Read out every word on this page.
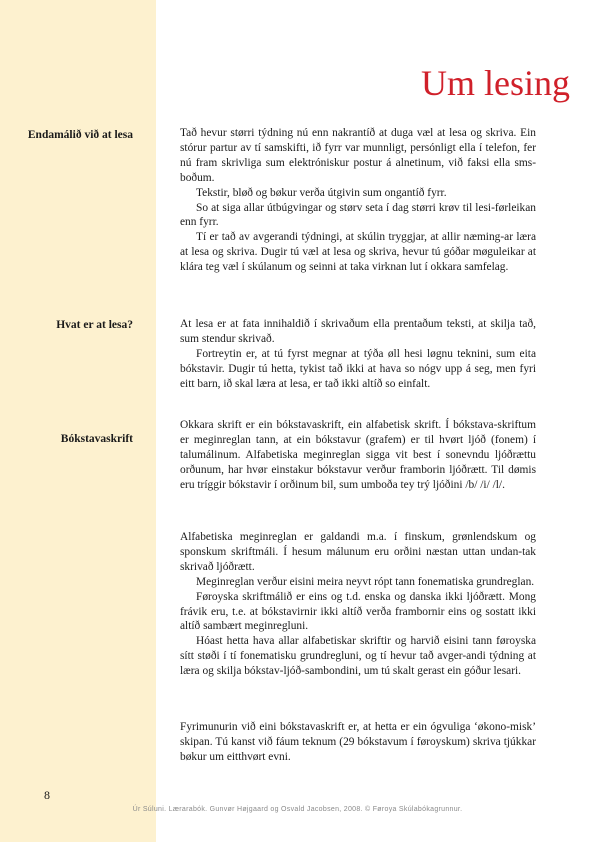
Um lesing
Endamálið við at lesa	Tað hevur størri týdning nú enn nakrantíð at duga væl at lesa og skriva. Ein stórur partur av tí samskifti, ið fyrr var munnligt, persónligt ella í telefon, fer nú fram skrivliga sum elektróniskur postur á alnetinum, við faksi ella sms-boðum.

Tekstir, bløð og bøkur verða útgivin sum ongantíð fyrr.

So at siga allar útbúgvingar og størv seta í dag størri krøv til lesi-førleikan enn fyrr.

Tí er tað av avgerandi týdningi, at skúlin tryggjar, at allir næming-ar læra at lesa og skriva. Dugir tú væl at lesa og skriva, hevur tú góðar møguleikar at klára teg væl í skúlanum og seinni at taka virknan lut í okkara samfelag.

Hvat er at lesa?	At lesa er at fata innihaldið í skrivaðum ella prentaðum teksti, at skilja tað, sum stendur skrivað.

Fortreytin er, at tú fyrst megnar at týða øll hesi løgnu teknini, sum eita bókstavir. Dugir tú hetta, tykist tað ikki at hava so nógv upp á seg, men fyri eitt barn, ið skal læra at lesa, er tað ikki altíð so einfalt.

Bókstavaskrift

Okkara skrift er ein bókstavaskrift, ein alfabetisk skrift. Í bókstava-skriftum er meginreglan tann, at ein bókstavur (grafem) er til hvørt ljóð (fonem) í talumálinum. Alfabetiska meginreglan sigga vit best í sonevndu ljóðrættu orðunum, har hvør einstakur bókstavur verður framborin ljóðrætt. Til dømis eru tríggir bókstavir í orðinum bil, sum umboða tey trý ljóðini /b/ /i/ /l/.

Alfabetiska meginreglan er galdandi m.a. í finskum, grønlendskum og sponskum skriftmáli. Í hesum málunum eru orðini næstan uttan undan-tak skrivað ljóðrætt.

Meginreglan verður eisini meira neyvt rópt tann fonematiska grundreglan.

Føroyska skriftmálið er eins og t.d. enska og danska ikki ljóðrætt. Mong frávik eru, t.e. at bókstavirnir ikki altíð verða frambornir eins og sostatt ikki altíð sambært meginregluni.

Hóast hetta hava allar alfabetiskar skriftir og harvið eisini tann føroyska sítt støði í tí fonematisku grundregluni, og tí hevur tað avger-andi týdning at læra og skilja bókstav-ljóð-sambondini, um tú skalt gerast ein góður lesari.

Fyrimunurin við eini bókstavaskrift er, at hetta er ein ógvuliga ‘økono-misk’ skipan. Tú kanst við fáum teknum (29 bókstavum í føroyskum) skriva tjúkkar bøkur um eitthvørt evni.

8
Úr Súluni. Lærarabók. Gunvør Højgaard og Osvald Jacobsen, 2008. © Føroya Skúlabókagrunnur.
